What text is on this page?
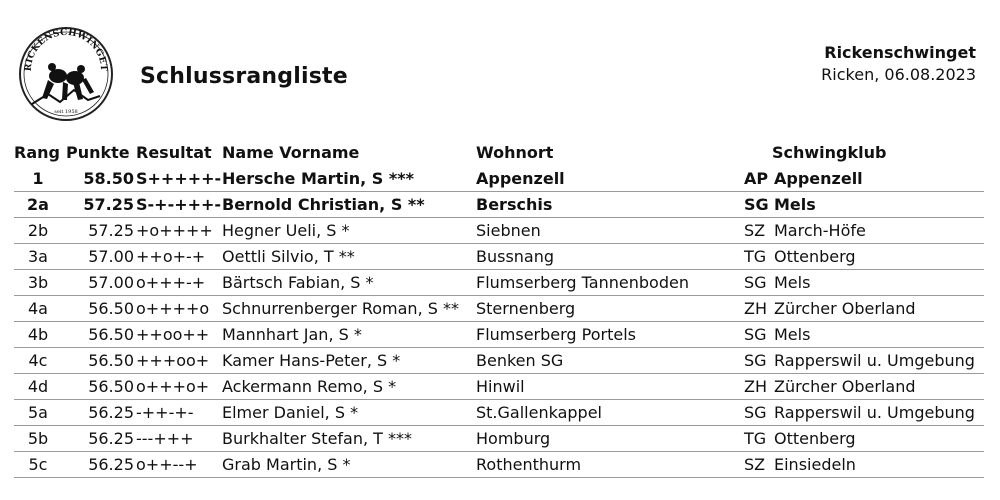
RICKENSCHWINGET
seit 1958
Schlussrangliste
Rickenschwinget
Ricken, 06.08.2023
Rang Punkte Resultat Name Vorname	Wohnort	Schwingklub
1	58.50 S+++++- Hersche Martin, S ***	Appenzell	AP Appenzell
2a	57.25 S-+-+++- Bernold Christian, S **	Berschis	SG Mels
2b	57.25 +o++++ Hegner Ueli, S *	Siebnen	SZ March-Höfe
3a	57.00 ++o+-+	Oettli Silvio, T **	Bussnang	TG Ottenberg
3b	57.00 o+++-+	Bärtsch Fabian, S *	Flumserberg Tannenboden	SG Mels
4a	56.50 o++++o Schnurrenberger Roman, S **	Sternenberg	ZH Zürcher Oberland
4b	56.50 ++oo++ Mannhart Jan, S *	Flumserberg Portels	SG Mels
4c	56.50 +++oo+ Kamer Hans-Peter, S *	Benken SG	SG Rapperswil u. Umgebung
4d	56.50 o+++o+ Ackermann Remo, S *	Hinwil	ZH Zürcher Oberland
5a	56.25 -++-+-	Elmer Daniel, S *	St.Gallenkappel	SG Rapperswil u. Umgebung
5b	56.25 ---+++	Burkhalter Stefan, T ***	Homburg	TG Ottenberg
5c	56.25 o++--+	Grab Martin, S *	Rothenthurm	SZ Einsiedeln
